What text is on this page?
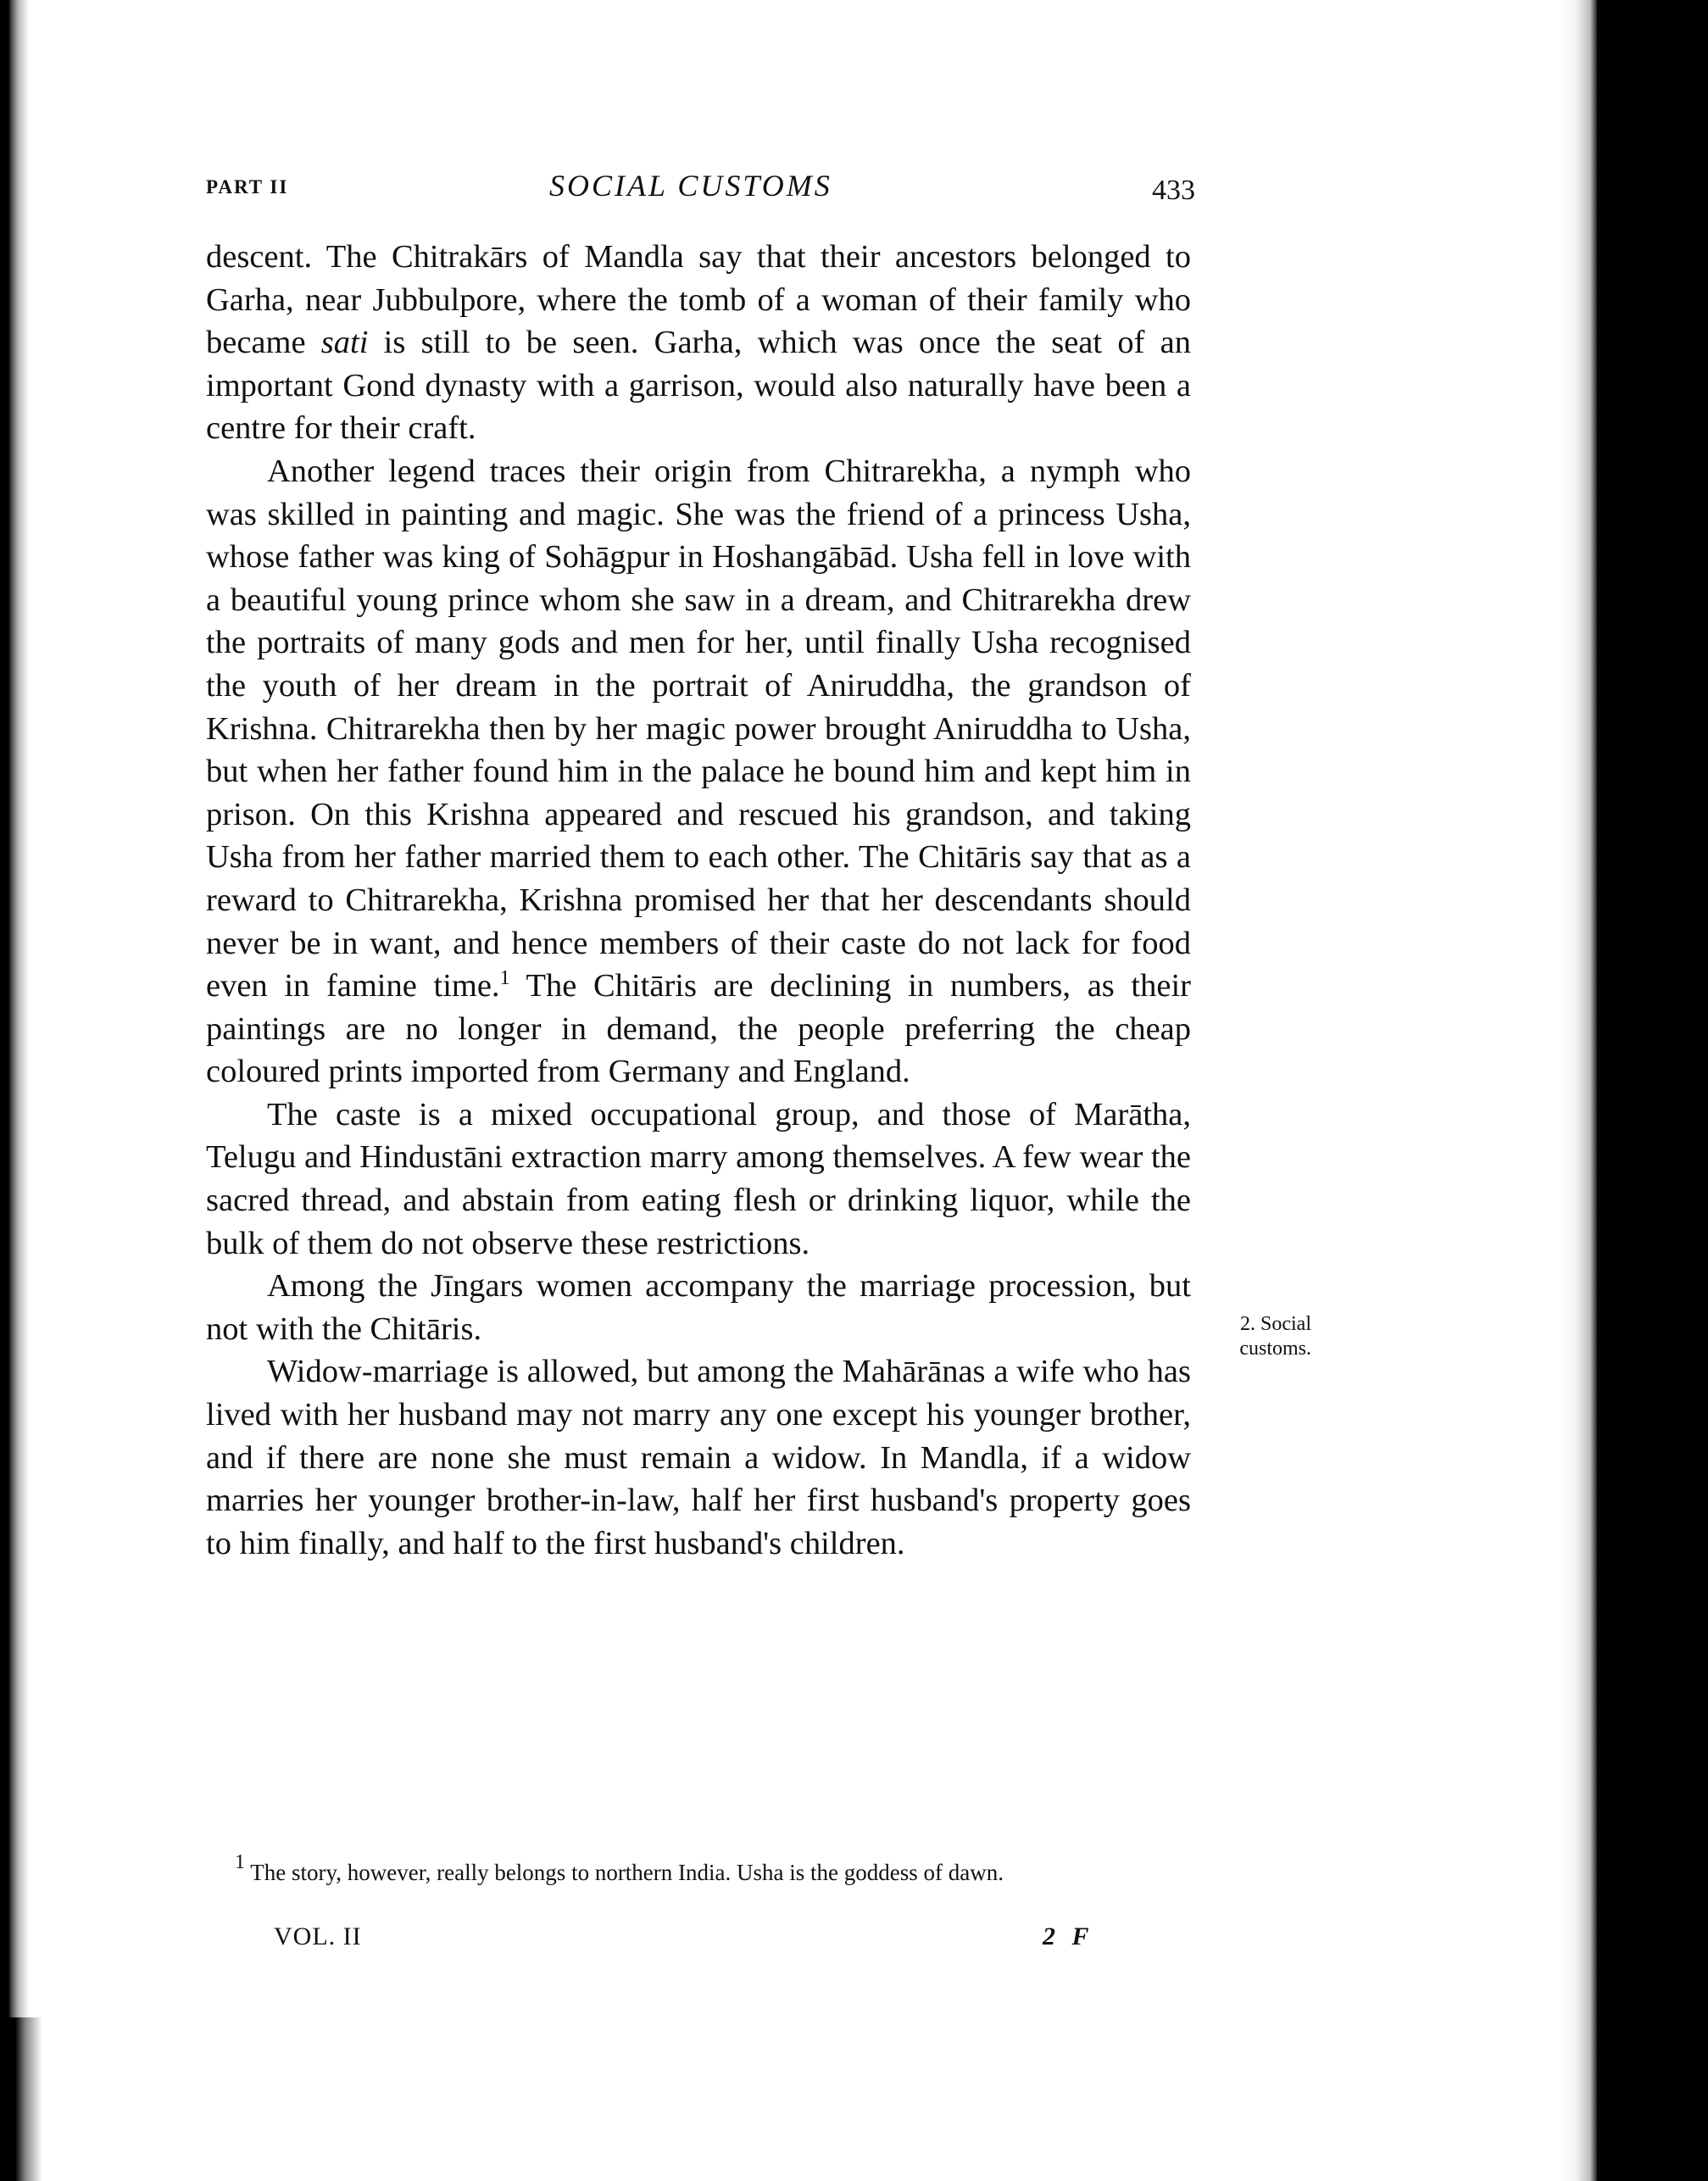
PART II	SOCIAL CUSTOMS	433

descent. The Chitrakārs of Mandla say that their ancestors belonged to Garha, near Jubbulpore, where the tomb of a woman of their family who became sati is still to be seen. Garha, which was once the seat of an important Gond dynasty with a garrison, would also naturally have been a centre for their craft.

Another legend traces their origin from Chitrarekha, a nymph who was skilled in painting and magic. She was the friend of a princess Usha, whose father was king of Sohāgpur in Hoshangābād. Usha fell in love with a beautiful young prince whom she saw in a dream, and Chitrarekha drew the portraits of many gods and men for her, until finally Usha recognised the youth of her dream in the portrait of Aniruddha, the grandson of Krishna. Chitrarekha then by her magic power brought Aniruddha to Usha, but when her father found him in the palace he bound him and kept him in prison. On this Krishna appeared and rescued his grandson, and taking Usha from her father married them to each other. The Chitāris say that as a reward to Chitrarekha, Krishna promised her that her descendants should never be in want, and hence members of their caste do not lack for food even in famine time.$^1$ The Chitāris are declining in numbers, as their paintings are no longer in demand, the people preferring the cheap coloured prints imported from Germany and England.

The caste is a mixed occupational group, and those of Marātha, Telugu and Hindustāni extraction marry among themselves. A few wear the sacred thread, and abstain from eating flesh or drinking liquor, while the bulk of them do not observe these restrictions.

Among the Jīngars women accompany the marriage procession, but not with the Chitāris.

Widow-marriage is allowed, but among the Mahārānas a wife who has lived with her husband may not marry any one except his younger brother, and if there are none she must remain a widow. In Mandla, if a widow marries her younger brother-in-law, half her first husband's property goes to him finally, and half to the first husband's children.

2. Social customs.

$^1$ The story, however, really belongs to northern India. Usha is the goddess of dawn.

VOL. II	2 F
